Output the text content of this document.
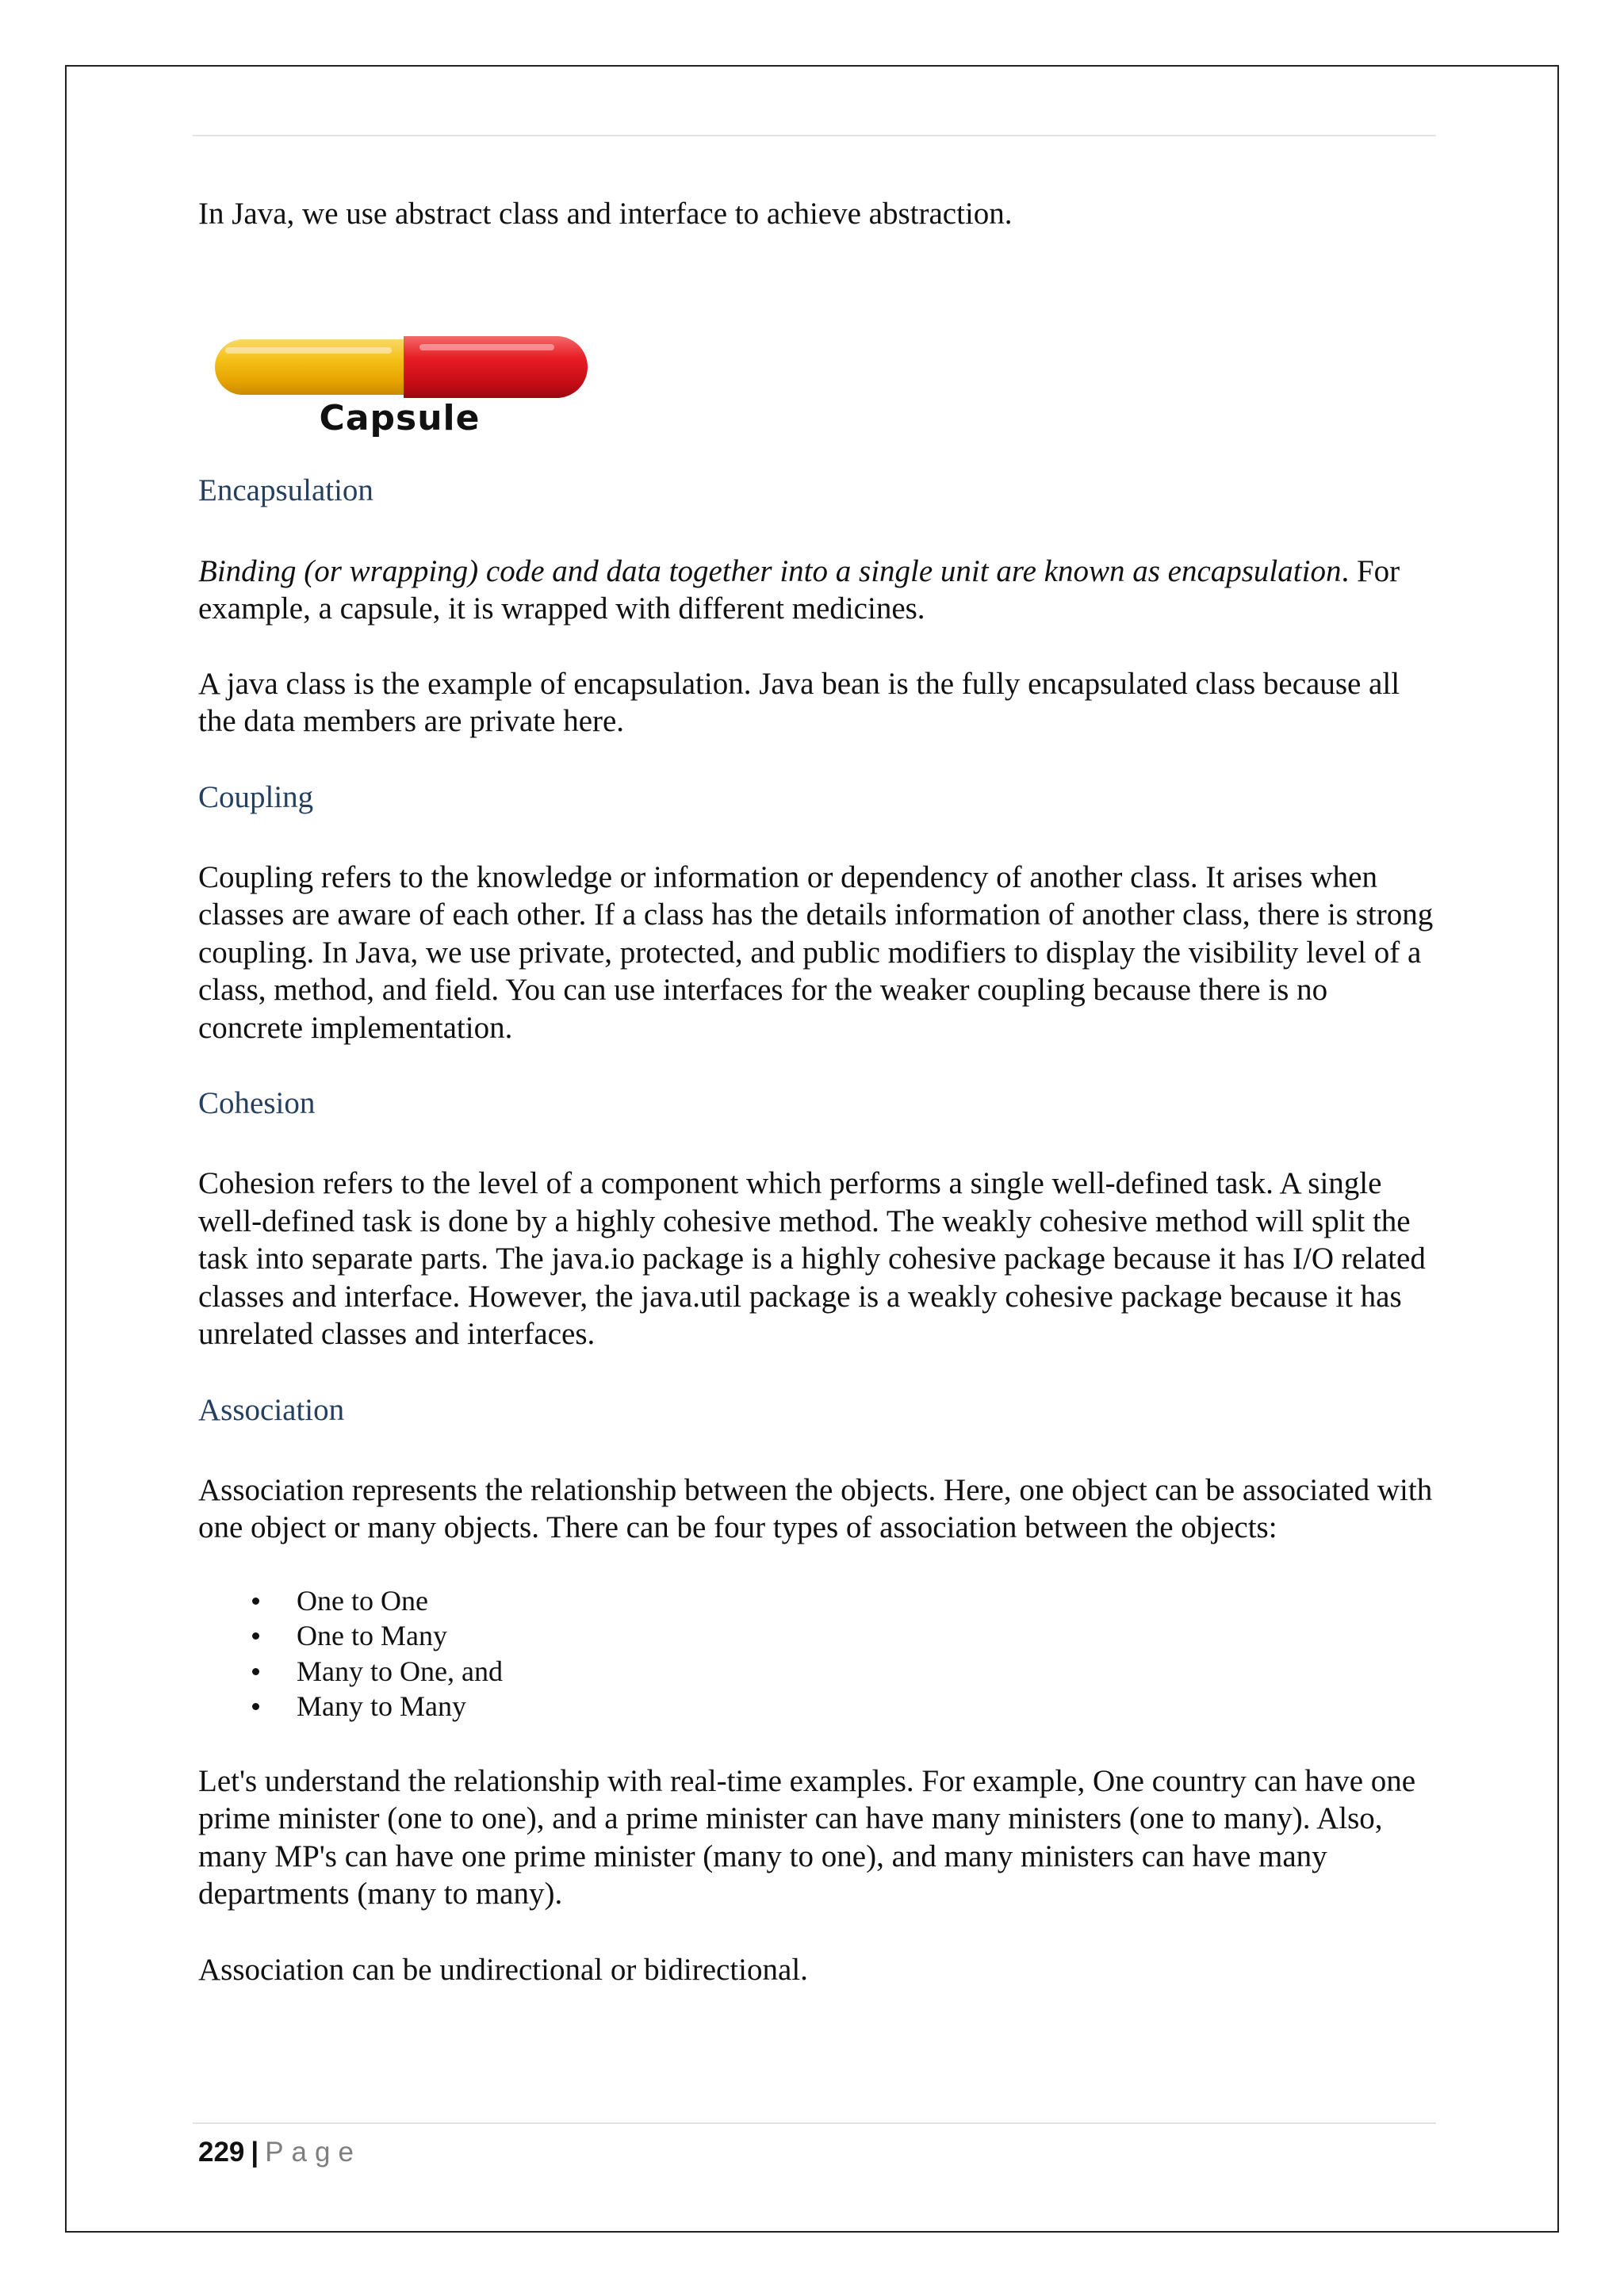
In Java, we use abstract class and interface to achieve abstraction.

Capsule
Encapsulation

Binding (or wrapping) code and data together into a single unit are known as encapsulation. For example, a capsule, it is wrapped with different medicines.

A java class is the example of encapsulation. Java bean is the fully encapsulated class because all the data members are private here.

Coupling

Coupling refers to the knowledge or information or dependency of another class. It arises when classes are aware of each other. If a class has the details information of another class, there is strong coupling. In Java, we use private, protected, and public modifiers to display the visibility level of a class, method, and field. You can use interfaces for the weaker coupling because there is no concrete implementation.

Cohesion

Cohesion refers to the level of a component which performs a single well-defined task. A single well-defined task is done by a highly cohesive method. The weakly cohesive method will split the task into separate parts. The java.io package is a highly cohesive package because it has I/O related classes and interface. However, the java.util package is a weakly cohesive package because it has unrelated classes and interfaces.

Association

Association represents the relationship between the objects. Here, one object can be associated with one object or many objects. There can be four types of association between the objects:

One to One
One to Many
Many to One, and
Many to Many

Let's understand the relationship with real-time examples. For example, One country can have one prime minister (one to one), and a prime minister can have many ministers (one to many). Also, many MP's can have one prime minister (many to one), and many ministers can have many departments (many to many).

Association can be undirectional or bidirectional.

229 | Page
